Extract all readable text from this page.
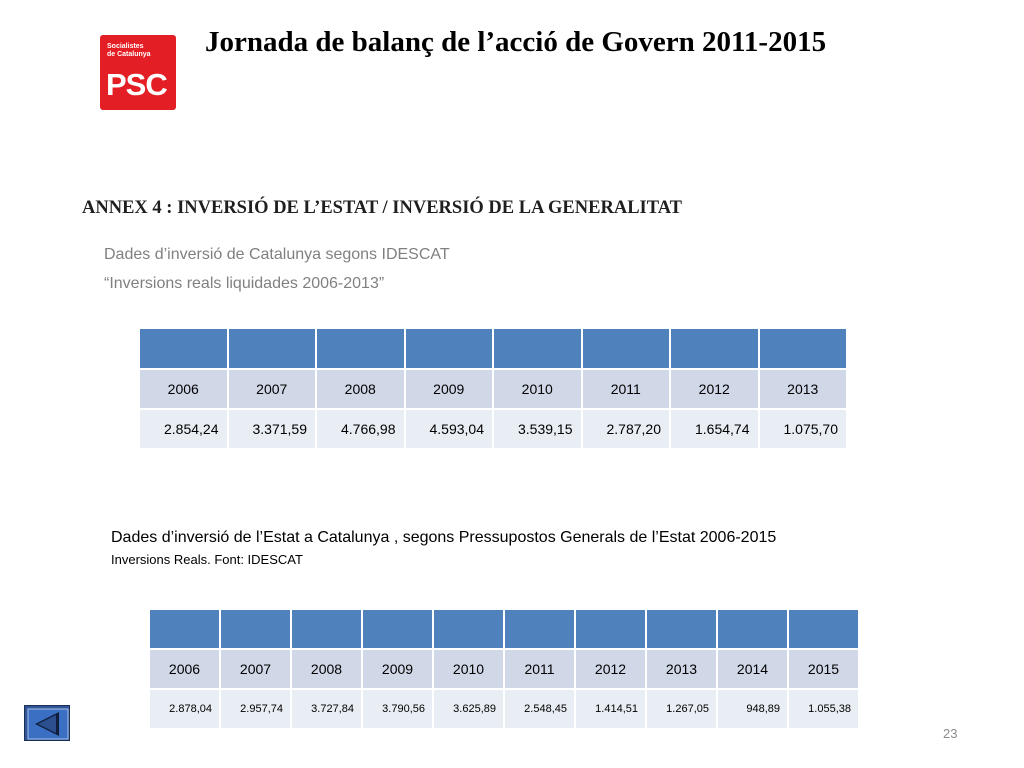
Socialistes
de Catalunya
PSC
Jornada de balanç de l’acció de Govern 2011-2015
ANNEX 4 : INVERSIÓ DE L’ESTAT / INVERSIÓ DE LA GENERALITAT
Dades d’inversió de Catalunya segons IDESCAT
“Inversions reals liquidades 2006-2013”

2006	2007	2008	2009	2010	2011	2012	2013
2.854,24	3.371,59	4.766,98	4.593,04	3.539,15	2.787,20	1.654,74	1.075,70
Dades d’inversió de l’Estat a Catalunya , segons Pressupostos Generals de l’Estat 2006-2015
Inversions Reals. Font: IDESCAT

2006	2007	2008	2009	2010	2011	2012	2013	2014	2015
2.878,04	2.957,74	3.727,84	3.790,56	3.625,89	2.548,45	1.414,51	1.267,05	948,89	1.055,38
23
